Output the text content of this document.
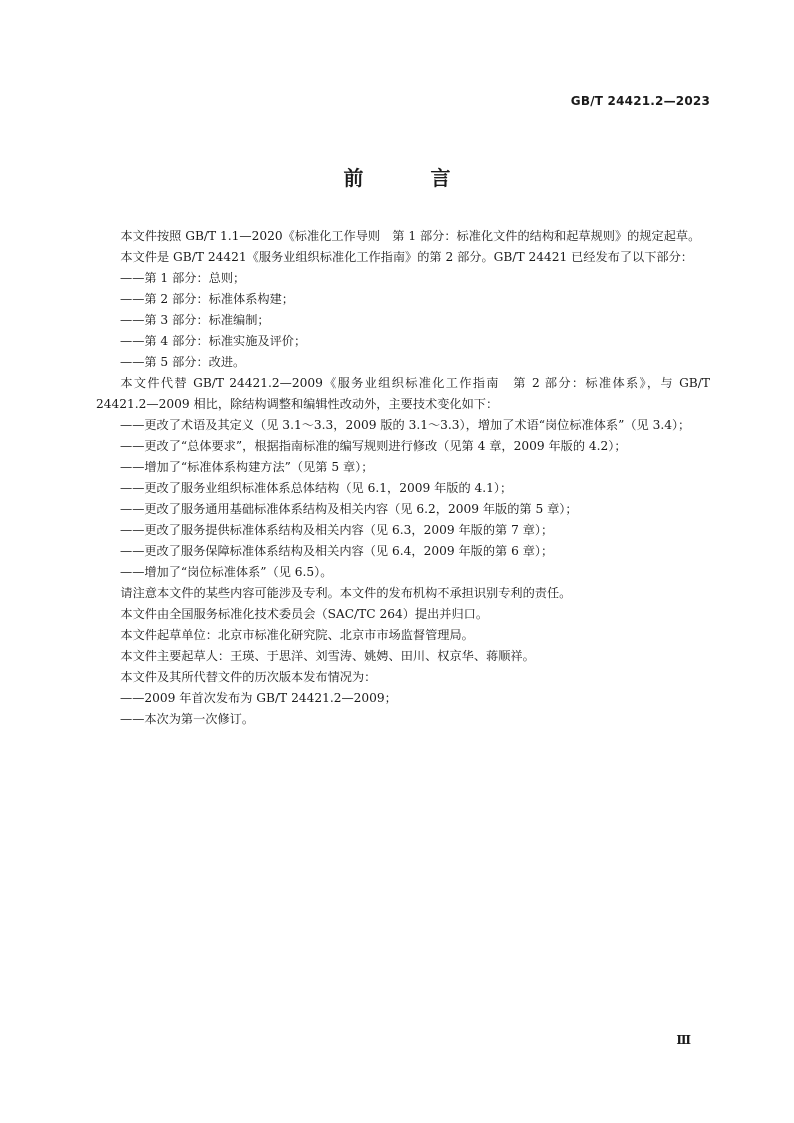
GB/T 24421.2—2023
前 言

本文件按照 GB/T 1.1—2020《标准化工作导则　第 1 部分：标准化文件的结构和起草规则》的规定起草。

本文件是 GB/T 24421《服务业组织标准化工作指南》的第 2 部分。GB/T 24421 已经发布了以下部分：

——第 1 部分：总则；

——第 2 部分：标准体系构建；

——第 3 部分：标准编制；

——第 4 部分：标准实施及评价；

——第 5 部分：改进。

本文件代替 GB/T 24421.2—2009《服务业组织标准化工作指南　第 2 部分：标准体系》，与 GB/T 24421.2—2009 相比，除结构调整和编辑性改动外，主要技术变化如下：

——更改了术语及其定义（见 3.1～3.3，2009 版的 3.1～3.3），增加了术语“岗位标准体系”（见 3.4）；

——更改了“总体要求”，根据指南标准的编写规则进行修改（见第 4 章，2009 年版的 4.2）；

——增加了“标准体系构建方法”（见第 5 章）；

——更改了服务业组织标准体系总体结构（见 6.1，2009 年版的 4.1）；

——更改了服务通用基础标准体系结构及相关内容（见 6.2，2009 年版的第 5 章）；

——更改了服务提供标准体系结构及相关内容（见 6.3，2009 年版的第 7 章）；

——更改了服务保障标准体系结构及相关内容（见 6.4，2009 年版的第 6 章）；

——增加了“岗位标准体系”（见 6.5）。

请注意本文件的某些内容可能涉及专利。本文件的发布机构不承担识别专利的责任。

本文件由全国服务标准化技术委员会（SAC/TC 264）提出并归口。

本文件起草单位：北京市标准化研究院、北京市市场监督管理局。

本文件主要起草人：王瑛、于思洋、刘雪涛、姚娉、田川、权京华、蒋顺祥。

本文件及其所代替文件的历次版本发布情况为：

——2009 年首次发布为 GB/T 24421.2—2009；

——本次为第一次修订。

Ⅲ
